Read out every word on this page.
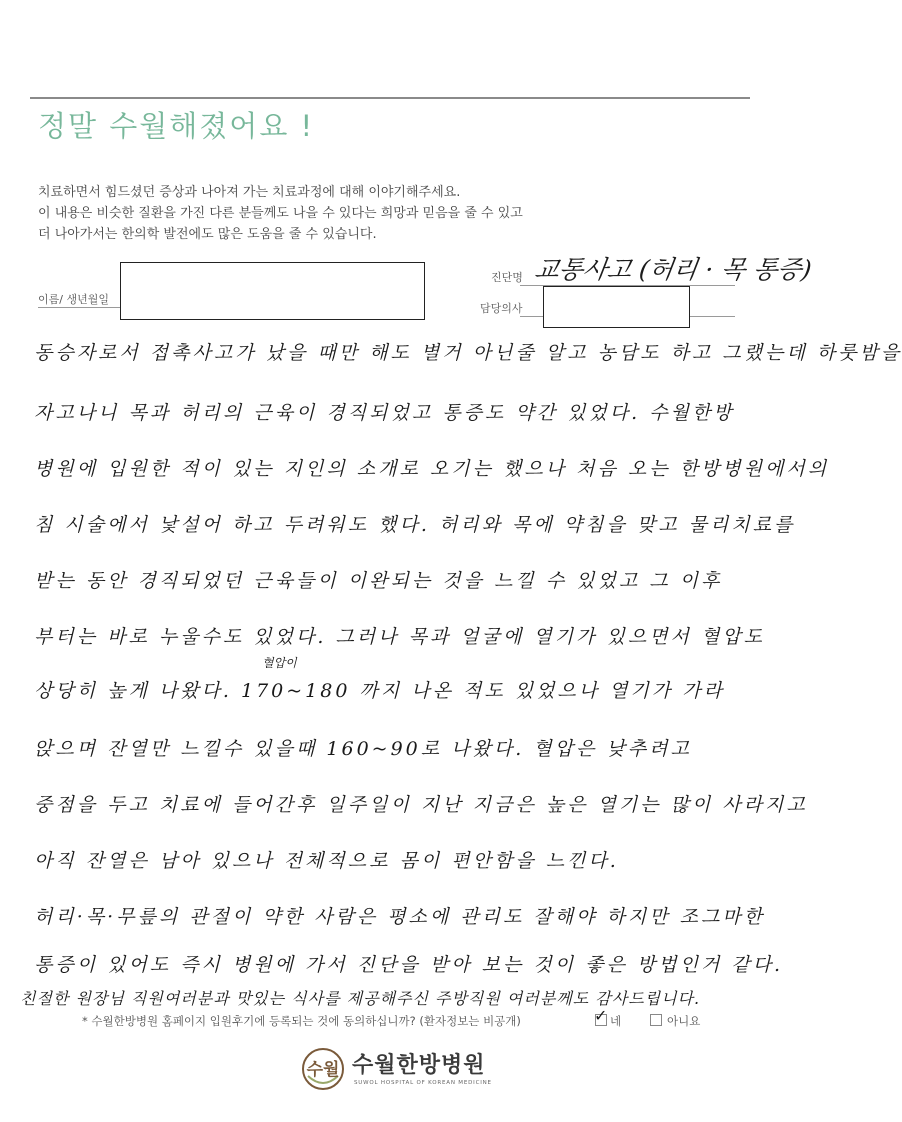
정말 수월해졌어요 !
치료하면서 힘드셨던 증상과 나아져 가는 치료과정에 대해 이야기해주세요.
이 내용은 비슷한 질환을 가진 다른 분들께도 나을 수 있다는 희망과 믿음을 줄 수 있고
더 나아가서는 한의학 발전에도 많은 도움을 줄 수 있습니다.
이름/ 생년월일
진단명 교통사고 (허리 · 목 통증)
담당의사
동승자로서 접촉사고가 났을 때만 해도 별거 아닌줄 알고 농담도 하고 그랬는데 하룻밤을
자고나니 목과 허리의 근육이 경직되었고 통증도 약간 있었다. 수월한방
병원에 입원한 적이 있는 지인의 소개로 오기는 했으나 처음 오는 한방병원에서의
침 시술에서 낯설어 하고 두려워도 했다. 허리와 목에 약침을 맞고 물리치료를
받는 동안 경직되었던 근육들이 이완되는 것을 느낄 수 있었고 그 이후
부터는 바로 누울수도 있었다. 그러나 목과 얼굴에 열기가 있으면서 혈압도
혈압이
상당히 높게 나왔다. 170~180 까지 나온 적도 있었으나 열기가 가라
앉으며 잔열만 느낄수 있을때 160~90로 나왔다. 혈압은 낮추려고
중점을 두고 치료에 들어간후 일주일이 지난 지금은 높은 열기는 많이 사라지고
아직 잔열은 남아 있으나 전체적으로 몸이 편안함을 느낀다.
허리·목·무릎의 관절이 약한 사람은 평소에 관리도 잘해야 하지만 조그마한
통증이 있어도 즉시 병원에 가서 진단을 받아 보는 것이 좋은 방법인거 같다.
친절한 원장님 직원여러분과 맛있는 식사를 제공해주신 주방직원 여러분께도 감사드립니다.
* 수월한방병원 홈페이지 입원후기에 등록되는 것에 동의하십니까? (환자정보는 비공개)	✓ 네	아니요
수월 수월한방병원
SUWOL HOSPITAL OF KOREAN MEDICINE
